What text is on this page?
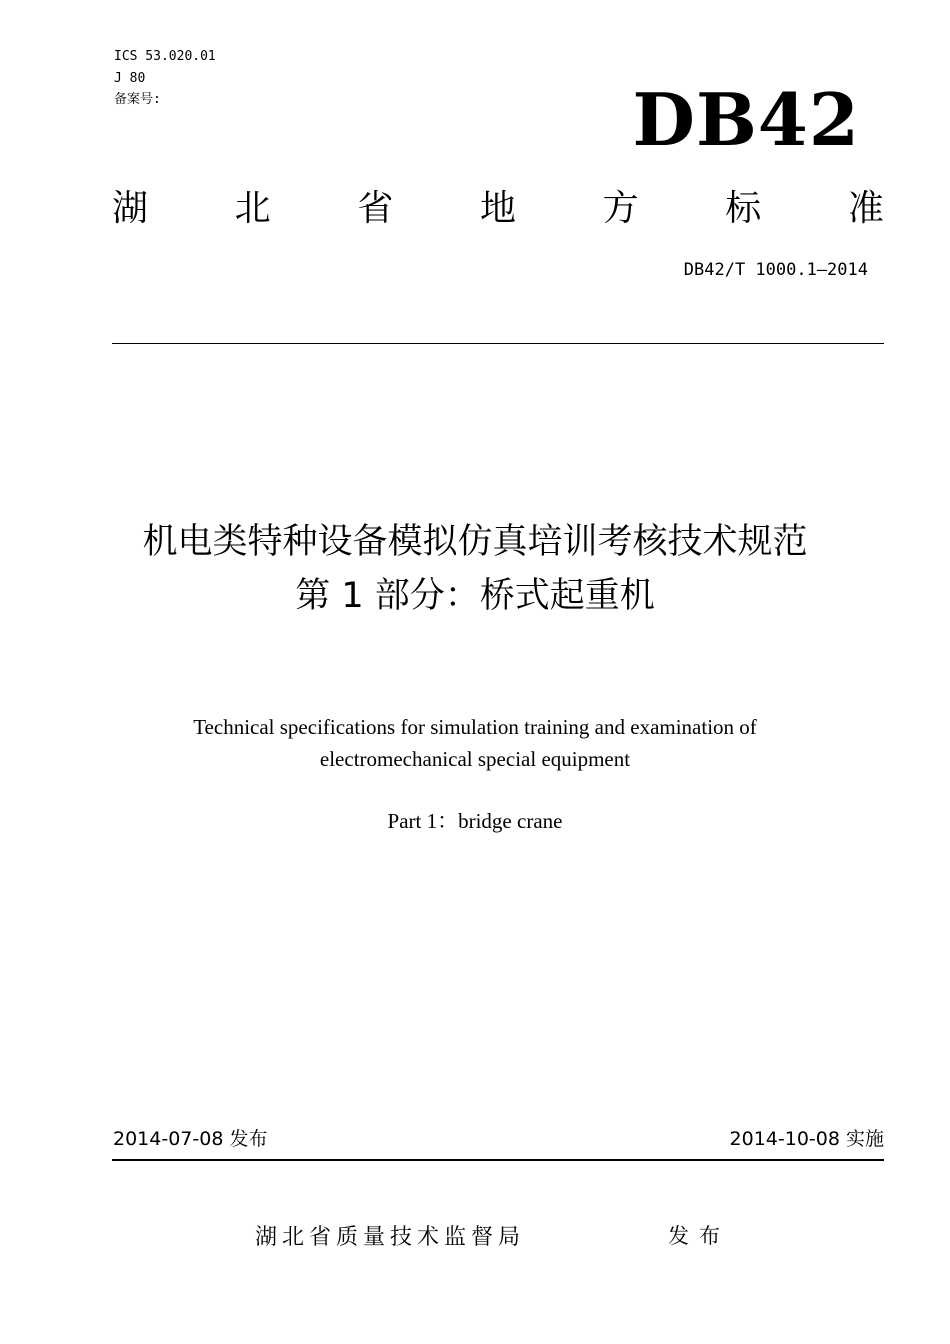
ICS 53.020.01
J 80
备案号:	DB42
湖 北 省 地 方 标 准
DB42/T 1000.1—2014
机电类特种设备模拟仿真培训考核技术规范
第 1 部分：桥式起重机
Technical specifications for simulation training and examination of
electromechanical special equipment
Part 1：bridge crane
2014-07-08 发布	2014-10-08 实施
湖北省质量技术监督局	发布
